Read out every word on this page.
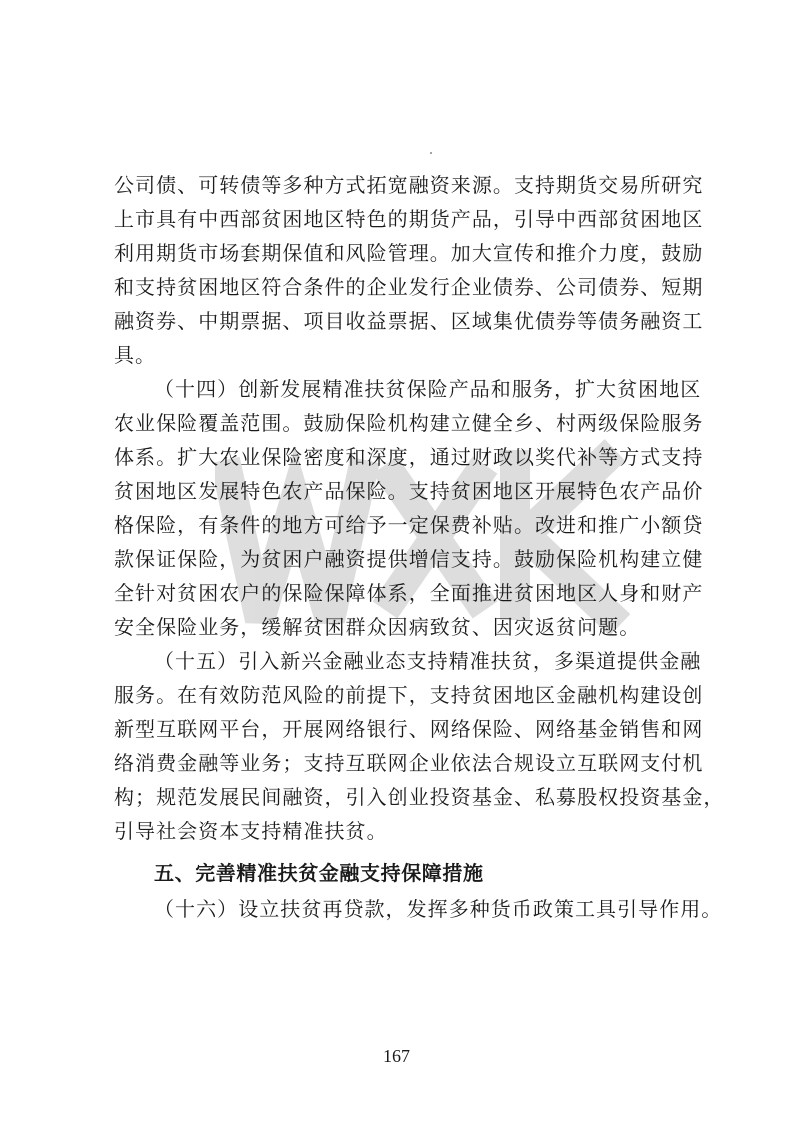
公司债、可转债等多种方式拓宽融资来源。支持期货交易所研究
上市具有中西部贫困地区特色的期货产品，引导中西部贫困地区
利用期货市场套期保值和风险管理。加大宣传和推介力度，鼓励
和支持贫困地区符合条件的企业发行企业债券、公司债券、短期
融资券、中期票据、项目收益票据、区域集优债券等债务融资工
具。
（十四）创新发展精准扶贫保险产品和服务，扩大贫困地区
农业保险覆盖范围。鼓励保险机构建立健全乡、村两级保险服务
体系。扩大农业保险密度和深度，通过财政以奖代补等方式支持
贫困地区发展特色农产品保险。支持贫困地区开展特色农产品价
格保险，有条件的地方可给予一定保费补贴。改进和推广小额贷
款保证保险，为贫困户融资提供增信支持。鼓励保险机构建立健
全针对贫困农户的保险保障体系，全面推进贫困地区人身和财产
安全保险业务，缓解贫困群众因病致贫、因灾返贫问题。
（十五）引入新兴金融业态支持精准扶贫，多渠道提供金融
服务。在有效防范风险的前提下，支持贫困地区金融机构建设创
新型互联网平台，开展网络银行、网络保险、网络基金销售和网
络消费金融等业务；支持互联网企业依法合规设立互联网支付机
构；规范发展民间融资，引入创业投资基金、私募股权投资基金，
引导社会资本支持精准扶贫。
五、完善精准扶贫金融支持保障措施
（十六）设立扶贫再贷款，发挥多种货币政策工具引导作用。
167
